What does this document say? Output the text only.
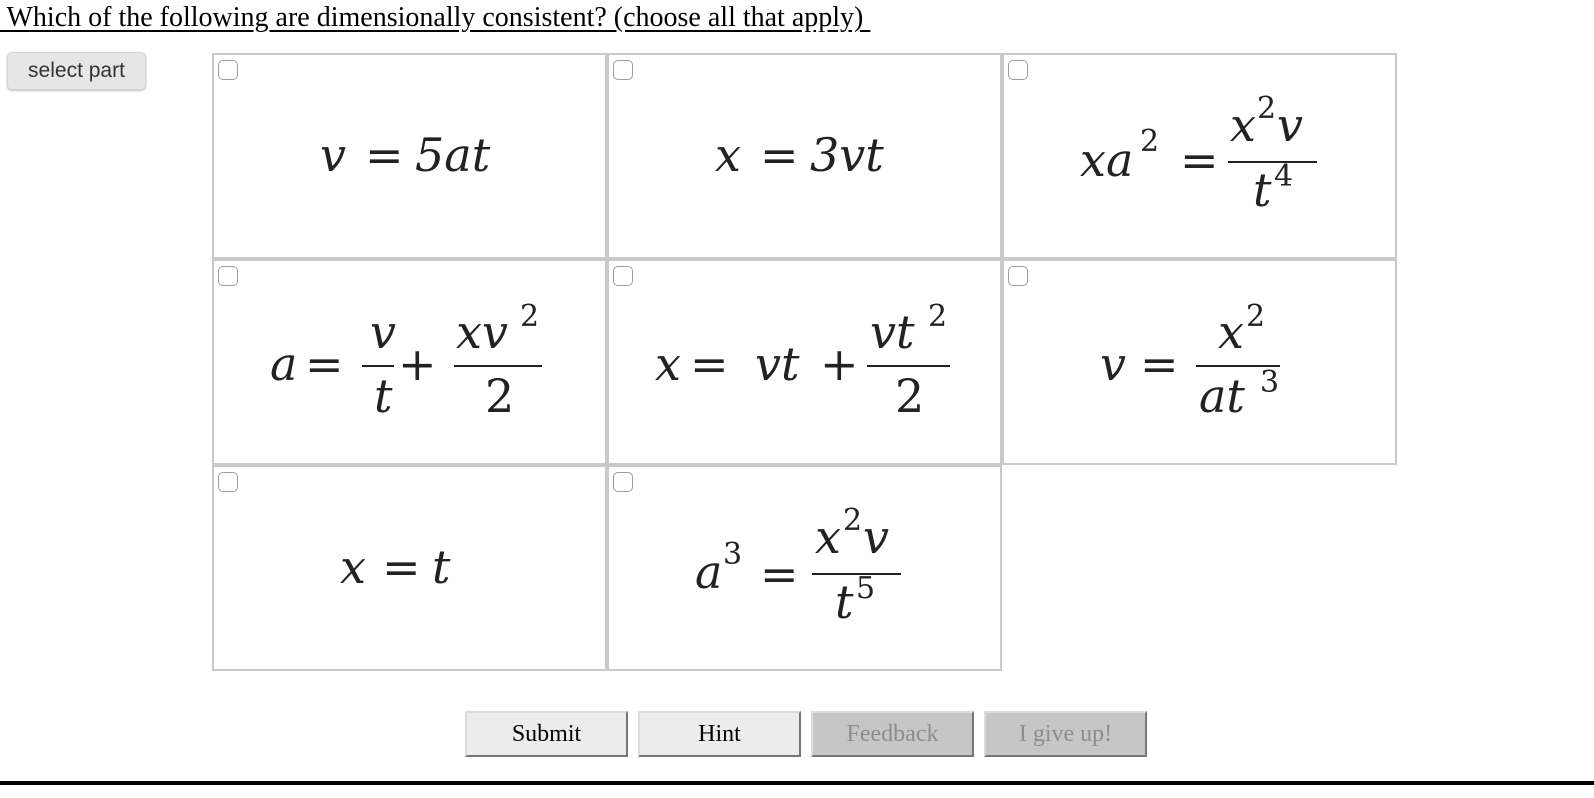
Which of the following are dimensionally consistent? (choose all that apply)
select part
v = 5at	x = 3vt	xa 2 =
x 2 v
t 4
a =
v
t
+
xv 2
2
x = vt +
vt 2
2
v =
x 2
at 3
x = t	a 3 =
x 2 v
t 5
Submit	Hint	Feedback	I give up!
